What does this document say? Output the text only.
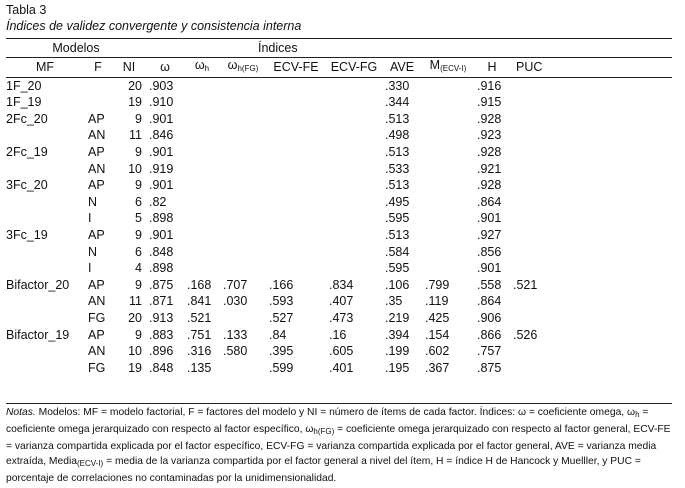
Tabla 3
Índices de validez convergente y consistencia interna
Modelos			Índices									
MF	F	NI	ω	$\omega_h$	$\omega_{h(FG)}$	ECV-FE	ECV-FG	AVE	$M_{(ECV-I)}$	H	PUC	
1F_20		20	.903					.330		.916		
1F_19		19	.910					.344		.915		
2Fc_20	AP	9	.901					.513		.928		
	AN	11	.846					.498		.923		
2Fc_19	AP	9	.901					.513		.928		
	AN	10	.919					.533		.921		
3Fc_20	AP	9	.901					.513		.928		
	N	6	.82					.495		.864		
	I	5	.898					.595		.901		
3Fc_19	AP	9	.901					.513		.927		
	N	6	.848					.584		.856		
	I	4	.898					.595		.901		
Bifactor_20	AP	9	.875	.168	.707	.166	.834	.106	.799	.558	.521	
	AN	11	.871	.841	.030	.593	.407	.35	.119	.864		
	FG	20	.913	.521		.527	.473	.219	.425	.906		
Bifactor_19	AP	9	.883	.751	.133	.84	.16	.394	.154	.866	.526	
	AN	10	.896	.316	.580	.395	.605	.199	.602	.757		
	FG	19	.848	.135		.599	.401	.195	.367	.875		
Notas. Modelos: MF = modelo factorial, F = factores del modelo y NI = número de ítems de cada factor. Índices: ω = coeficiente omega, $\omega_h$ = coeficiente omega jerarquizado con respecto al factor específico, $\omega_{h(FG)}$ = coeficiente omega jerarquizado con respecto al factor general, ECV-FE = varianza compartida explicada por el factor específico, ECV-FG = varianza compartida explicada por el factor general, AVE = varianza media extraída, Media$_{(ECV-I)}$ = media de la varianza compartida por el factor general a nivel del ítem, H = índice H de Hancock y Muelller, y PUC = porcentaje de correlaciones no contaminadas por la unidimensionalidad.
